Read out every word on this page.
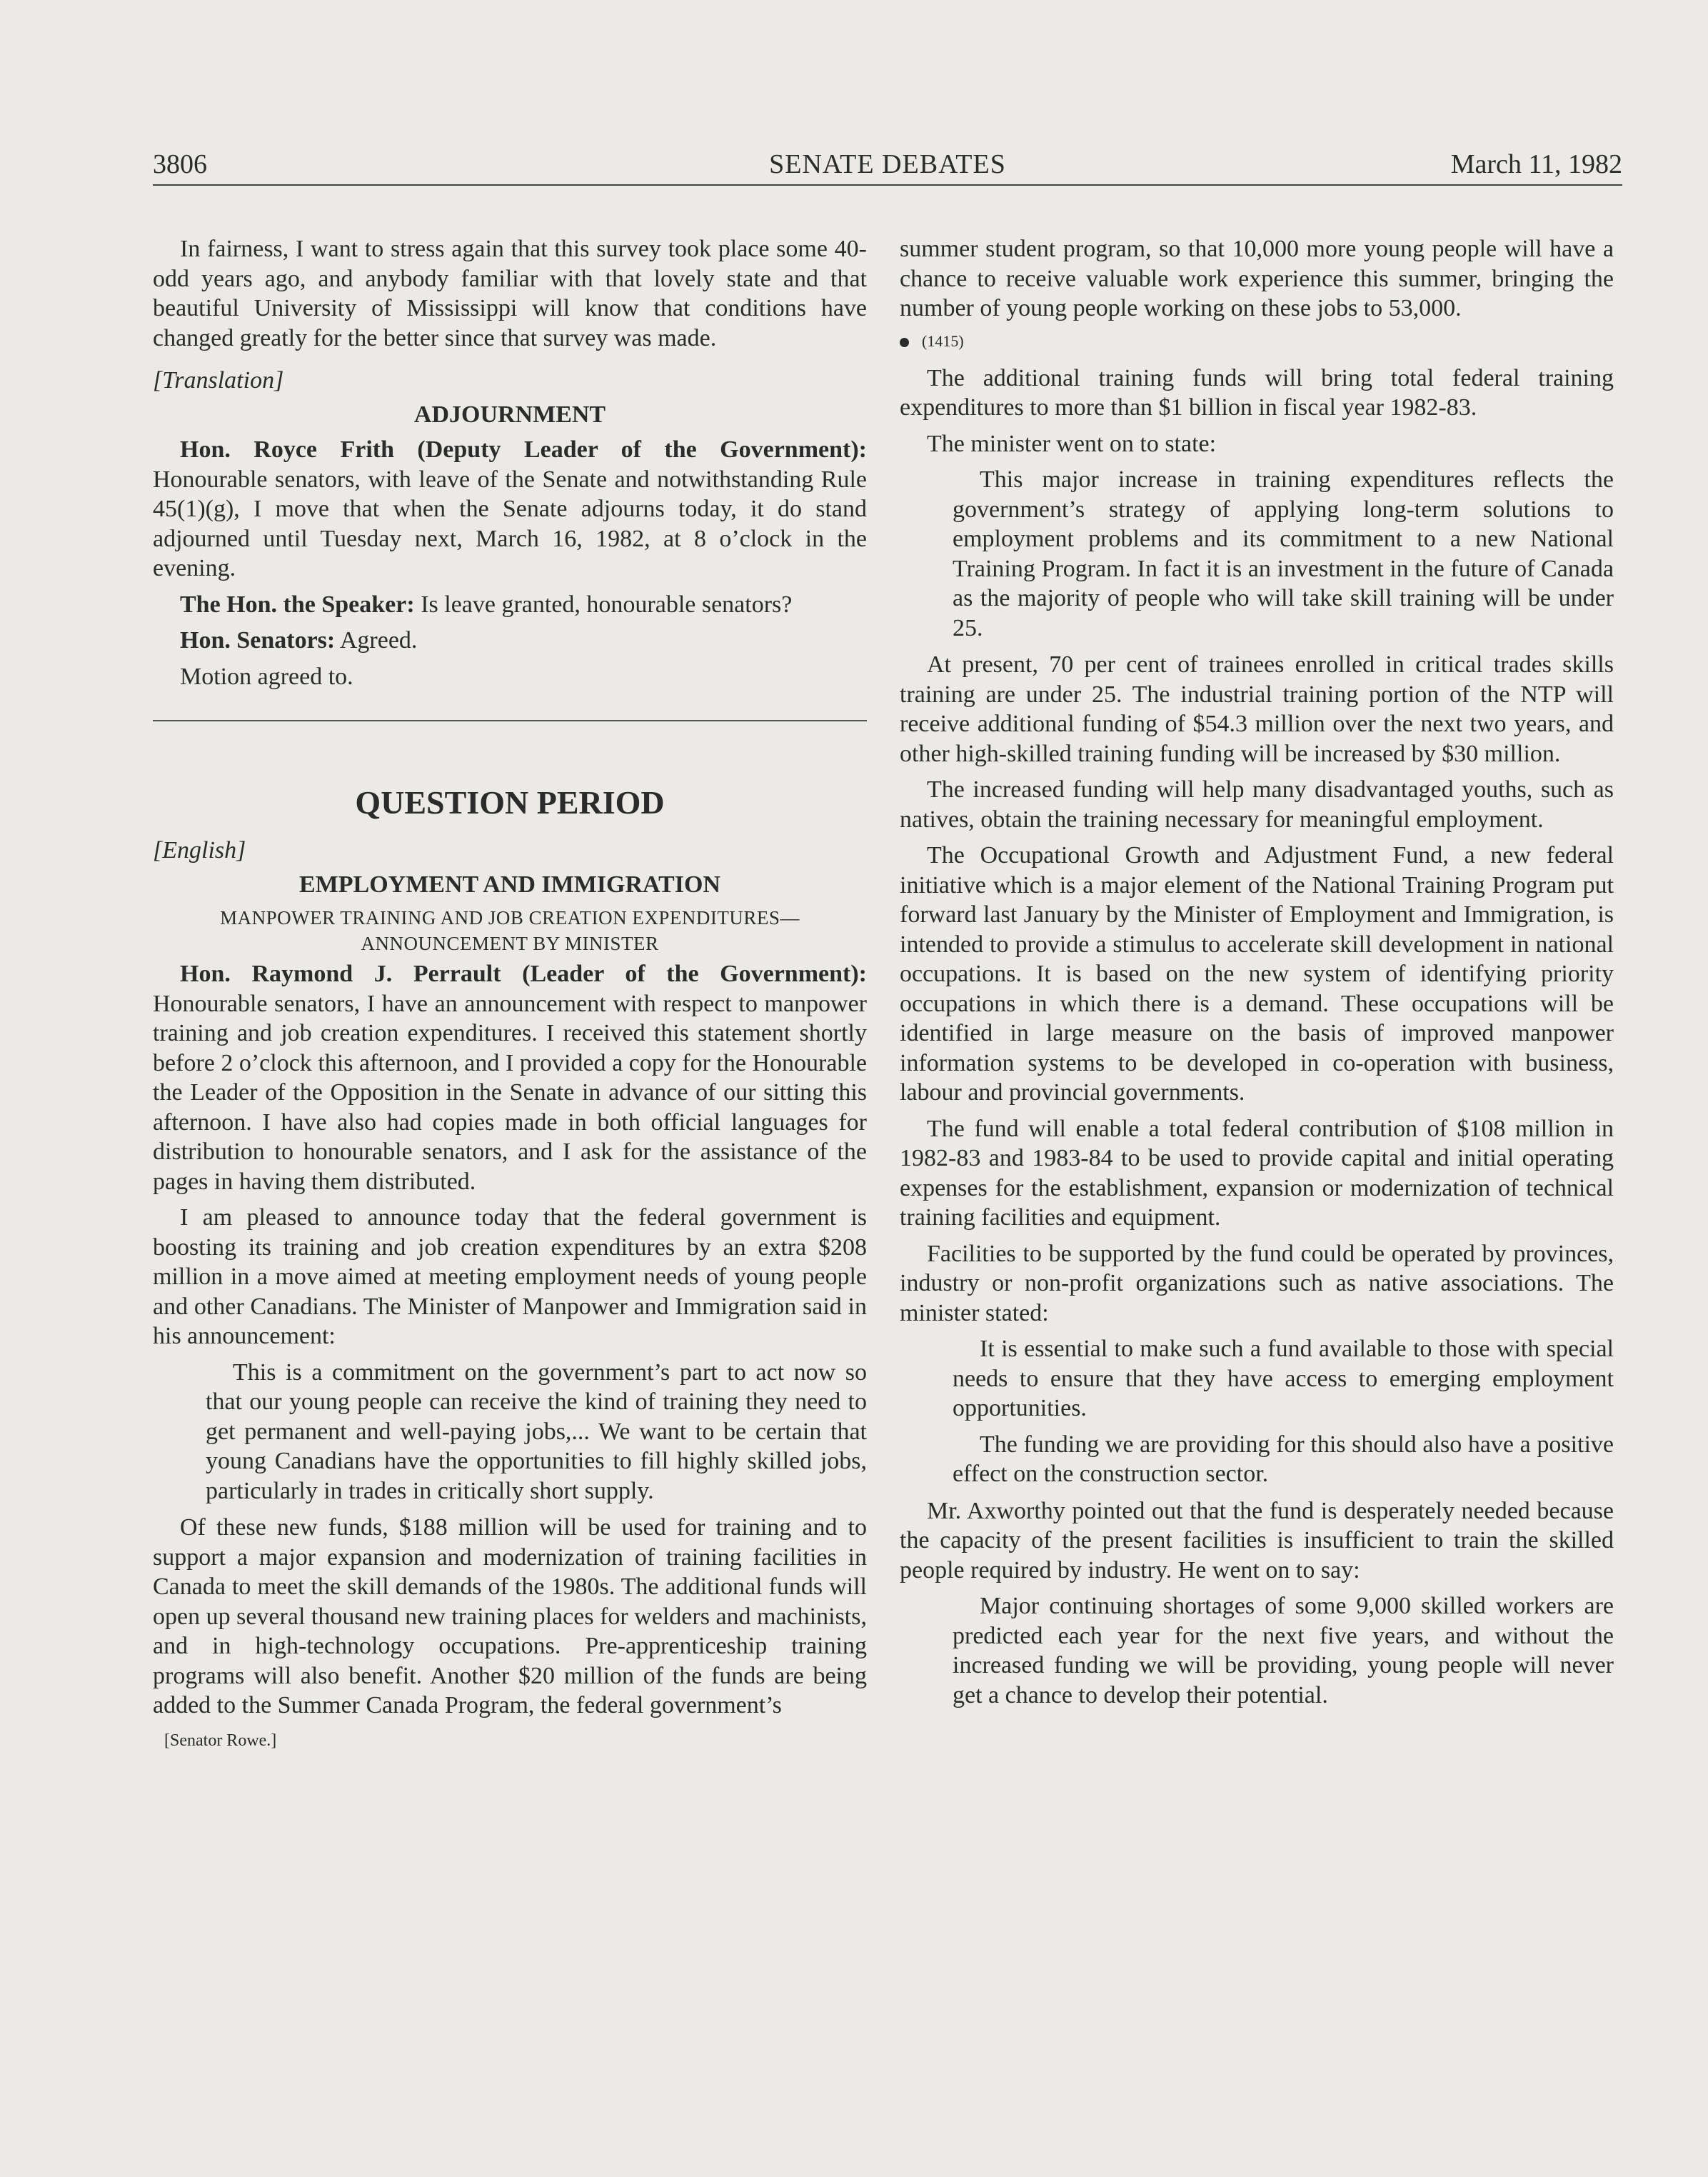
3806	SENATE DEBATES	March 11, 1982

In fairness, I want to stress again that this survey took place some 40-odd years ago, and anybody familiar with that lovely state and that beautiful University of Mississippi will know that conditions have changed greatly for the better since that survey was made.

[Translation]

ADJOURNMENT

Hon. Royce Frith (Deputy Leader of the Government): Honourable senators, with leave of the Senate and notwithstanding Rule 45(1)(g), I move that when the Senate adjourns today, it do stand adjourned until Tuesday next, March 16, 1982, at 8 o’clock in the evening.

The Hon. the Speaker: Is leave granted, honourable senators?

Hon. Senators: Agreed.

Motion agreed to.

QUESTION PERIOD

[English]

EMPLOYMENT AND IMMIGRATION

MANPOWER TRAINING AND JOB CREATION EXPENDITURES—
ANNOUNCEMENT BY MINISTER

Hon. Raymond J. Perrault (Leader of the Government): Honourable senators, I have an announcement with respect to manpower training and job creation expenditures. I received this statement shortly before 2 o’clock this afternoon, and I provided a copy for the Honourable the Leader of the Opposition in the Senate in advance of our sitting this afternoon. I have also had copies made in both official languages for distribution to honourable senators, and I ask for the assistance of the pages in having them distributed.

I am pleased to announce today that the federal government is boosting its training and job creation expenditures by an extra $208 million in a move aimed at meeting employment needs of young people and other Canadians. The Minister of Manpower and Immigration said in his announcement:

This is a commitment on the government’s part to act now so that our young people can receive the kind of training they need to get permanent and well-paying jobs,... We want to be certain that young Canadians have the opportunities to fill highly skilled jobs, particularly in trades in critically short supply.

Of these new funds, $188 million will be used for training and to support a major expansion and modernization of training facilities in Canada to meet the skill demands of the 1980s. The additional funds will open up several thousand new training places for welders and machinists, and in high-technology occupations. Pre-apprenticeship training programs will also benefit. Another $20 million of the funds are being added to the Summer Canada Program, the federal government’s

[Senator Rowe.]

summer student program, so that 10,000 more young people will have a chance to receive valuable work experience this summer, bringing the number of young people working on these jobs to 53,000.

(1415)

The additional training funds will bring total federal training expenditures to more than $1 billion in fiscal year 1982-83.

The minister went on to state:

This major increase in training expenditures reflects the government’s strategy of applying long-term solutions to employment problems and its commitment to a new National Training Program. In fact it is an investment in the future of Canada as the majority of people who will take skill training will be under 25.

At present, 70 per cent of trainees enrolled in critical trades skills training are under 25. The industrial training portion of the NTP will receive additional funding of $54.3 million over the next two years, and other high-skilled training funding will be increased by $30 million.

The increased funding will help many disadvantaged youths, such as natives, obtain the training necessary for meaningful employment.

The Occupational Growth and Adjustment Fund, a new federal initiative which is a major element of the National Training Program put forward last January by the Minister of Employment and Immigration, is intended to provide a stimulus to accelerate skill development in national occupations. It is based on the new system of identifying priority occupations in which there is a demand. These occupations will be identified in large measure on the basis of improved manpower information systems to be developed in co-operation with business, labour and provincial governments.

The fund will enable a total federal contribution of $108 million in 1982-83 and 1983-84 to be used to provide capital and initial operating expenses for the establishment, expansion or modernization of technical training facilities and equipment.

Facilities to be supported by the fund could be operated by provinces, industry or non-profit organizations such as native associations. The minister stated:

It is essential to make such a fund available to those with special needs to ensure that they have access to emerging employment opportunities.

The funding we are providing for this should also have a positive effect on the construction sector.

Mr. Axworthy pointed out that the fund is desperately needed because the capacity of the present facilities is insufficient to train the skilled people required by industry. He went on to say:

Major continuing shortages of some 9,000 skilled workers are predicted each year for the next five years, and without the increased funding we will be providing, young people will never get a chance to develop their potential.
